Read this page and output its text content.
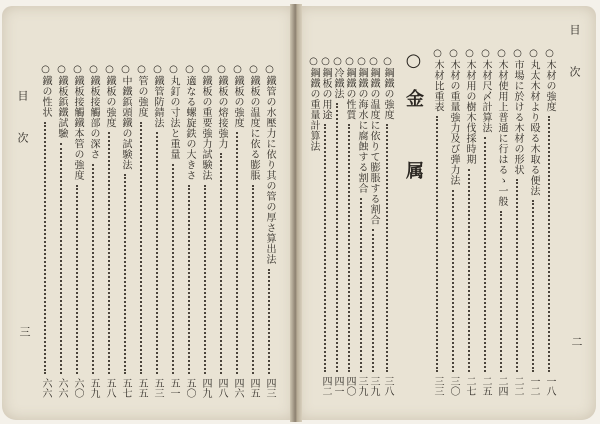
目　次
二
○木材の強度
一八
○丸太木材より殴る木取る便法
一二
○市場に於ける木材の形状
二二
○木材使用上普通に行はるゝ一般
二四
○木材尺〆計算法
二五
○木材用の樹木伐採時期
二七
○木材の重量強力及び弾力法
三〇
○木材比重表
三三
○金　属
○鋼鐵の強度
三八
○鋼鐵の温度に依りて膨脹する割合
三九
○鋼鐵の海水に腐蝕する割合
三九
○鋼鐵の性質
四〇
○冷鐵法
四一
○鋼板の用途
四二
○鋼鐵の重量計算法
目　次
三
○鐵管の水壓力に依り其の管の厚さ算出法
四三
○鐵板の温度に依る膨脹
四五
○鐵板の強度
四六
○鐵板の熔接強力
四八
○鐵板の重要強力試験法
四九
○適なる螺旋鉄の大きさ
五〇
○丸釘の寸法と重量
五一
○鐵管防錆法
五三
○管の強度
五五
○中鐵鋲頭鐵の試験法
五七
○鐵板の強度
五八
○鐵板接觸部の深さ
五九
○鐵板接觸鐵本管の強度
六〇
○鐵板鋲鐵試驗
六六
○鐵の性状
六六
